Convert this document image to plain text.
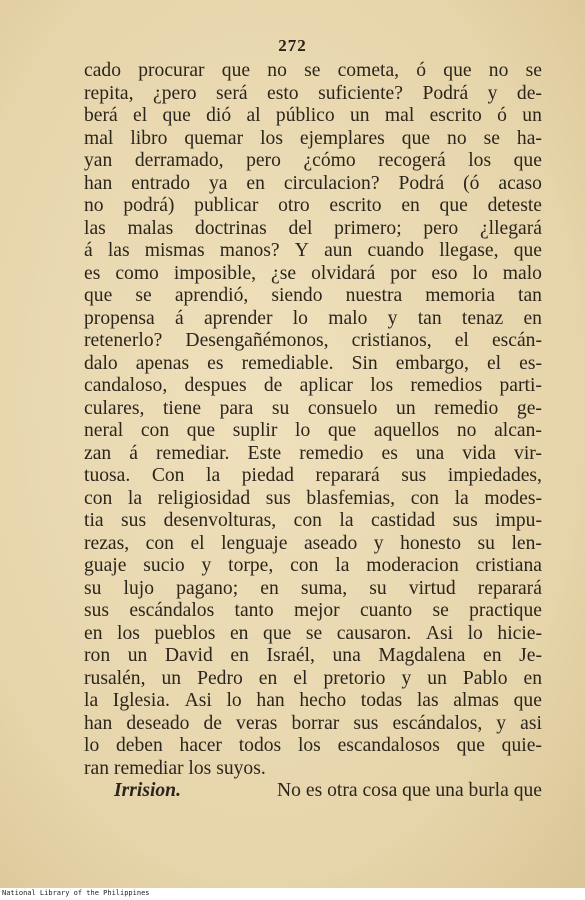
272
cado procurar que no se cometa, ó que no se
repita, ¿pero será esto suficiente? Podrá y de-
berá el que dió al público un mal escrito ó un
mal libro quemar los ejemplares que no se ha-
yan derramado, pero ¿cómo recogerá los que
han entrado ya en circulacion? Podrá (ó acaso
no podrá) publicar otro escrito en que deteste
las malas doctrinas del primero; pero ¿llegará
á las mismas manos? Y aun cuando llegase, que
es como imposible, ¿se olvidará por eso lo malo
que se aprendió, siendo nuestra memoria tan
propensa á aprender lo malo y tan tenaz en
retenerlo? Desengañémonos, cristianos, el escán-
dalo apenas es remediable. Sin embargo, el es-
candaloso, despues de aplicar los remedios parti-
culares, tiene para su consuelo un remedio ge-
neral con que suplir lo que aquellos no alcan-
zan á remediar. Este remedio es una vida vir-
tuosa. Con la piedad reparará sus impiedades,
con la religiosidad sus blasfemias, con la modes-
tia sus desenvolturas, con la castidad sus impu-
rezas, con el lenguaje aseado y honesto su len-
guaje sucio y torpe, con la moderacion cristiana
su lujo pagano; en suma, su virtud reparará
sus escándalos tanto mejor cuanto se practique
en los pueblos en que se causaron. Asi lo hicie-
ron un David en Israél, una Magdalena en Je-
rusalén, un Pedro en el pretorio y un Pablo en
la Iglesia. Asi lo han hecho todas las almas que
han deseado de veras borrar sus escándalos, y asi
lo deben hacer todos los escandalosos que quie-
ran remediar los suyos.
Irrision.	No es otra cosa que una burla que
National Library of the Philippines
